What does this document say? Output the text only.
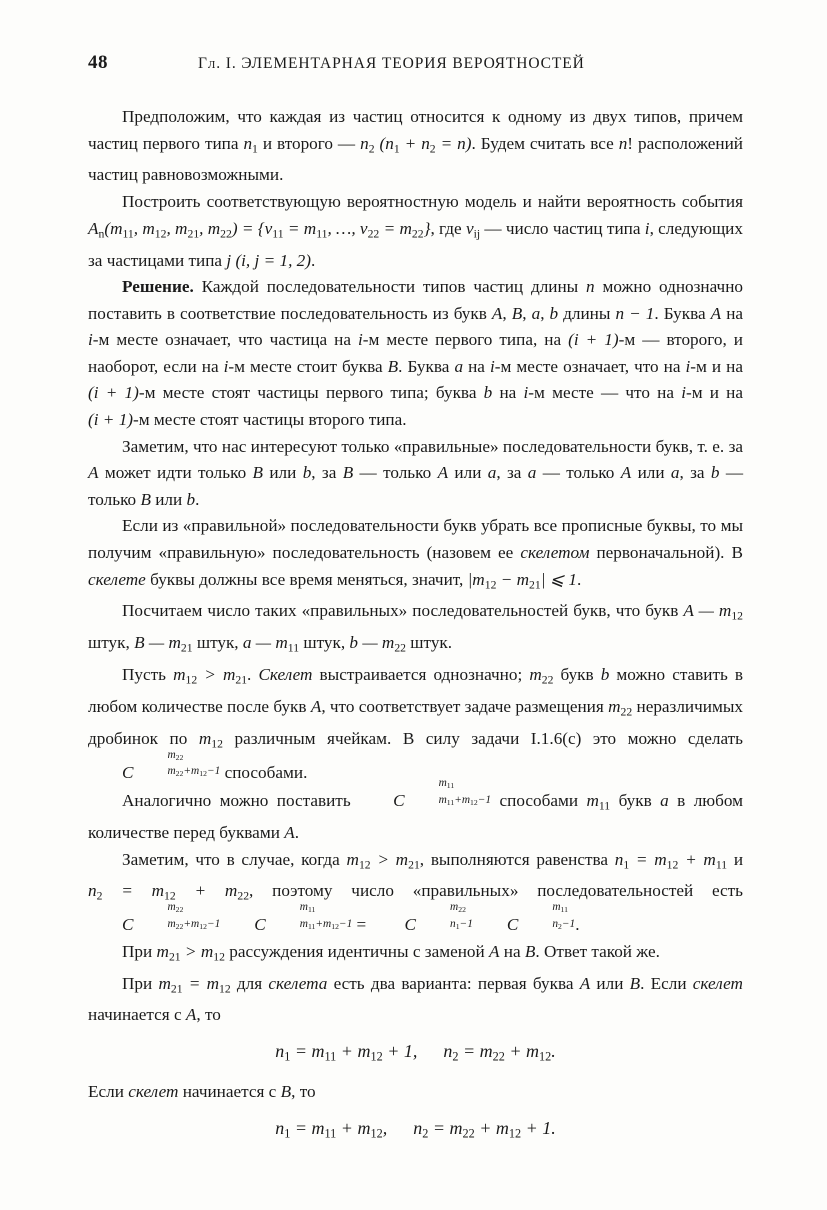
48	Гл. I. ЭЛЕМЕНТАРНАЯ ТЕОРИЯ ВЕРОЯТНОСТЕЙ

Предположим, что каждая из частиц относится к одному из двух типов, причем частиц первого типа $n_1$ и второго — $n_2$ $(n_1 + n_2 = n)$. Будем считать все n! расположений частиц равновозможными.

Построить соответствующую вероятностную модель и найти вероятность события $A_n(m_{11}$, $m_{12}$, $m_{21}$, $m_{22}) = \{\nu_{11} = m_{11}$, …, $\nu_{22} = m_{22}$}, где $\nu_{ij}$ — число частиц типа i, следующих за частицами типа j (i, j = 1, 2).

Решение. Каждой последовательности типов частиц длины n можно однозначно поставить в соответствие последовательность из букв A, B, a, b длины n − 1. Буква A на i-м месте означает, что частица на i-м месте первого типа, на (i + 1)-м — второго, и наоборот, если на i-м месте стоит буква B. Буква a на i-м месте означает, что на i-м и на (i + 1)-м месте стоят частицы первого типа; буква b на i-м месте — что на i-м и на (i + 1)-м месте стоят частицы второго типа.

Заметим, что нас интересуют только «правильные» последовательности букв, т. е. за A может идти только B или b, за B — только A или a, за a — только A или a, за b — только B или b.

Если из «правильной» последовательности букв убрать все прописные буквы, то мы получим «правильную» последовательность (назовем ее скелетом первоначальной). В скелете буквы должны все время меняться, значит, $|m_{12} - m_{21}|$ ⩽ 1.

Посчитаем число таких «правильных» последовательностей букв, что букв A — $m_{12}$ штук, B — $m_{21}$ штук, a — $m_{11}$ штук, b — $m_{22}$ штук.

Пусть $m_{12} > m_{21}$. Скелет выстраивается однозначно; $m_{22}$ букв b можно ставить в любом количестве после букв A, что соответствует задаче размещения $m_{22}$ неразличимых дробинок по $m_{12}$ различным ячейкам. В силу задачи I.1.6(с) это можно сделать C
$m_{22}$
$m_{22}+m_{12}-1$ способами.

Аналогично можно поставить C
$m_{11}$
$m_{11}+m_{12}-1$ способами $m_{11}$ букв a в любом количестве перед буквами A.

Заметим, что в случае, когда $m_{12} > m_{21}$, выполняются равенства $n_1 = m_{12} + m_{11}$ и $n_2 = m_{12} + m_{22}$, поэтому число «правильных» последовательностей есть C
$m_{22}$
$m_{22}+m_{12}-1$ C
$m_{11}$
$m_{11}+m_{12}-1 = C$
$m_{22}$
$n_1-1$ C
$m_{11}$
$n_2-1$ .

При $m_{21} > m_{12}$ рассуждения идентичны с заменой A на B. Ответ такой же.

При $m_{21} = m_{12}$ для скелета есть два варианта: первая буква A или B. Если скелет начинается с A, то

$n_1 = m_{11} + m_{12} + 1$, $n_2 = m_{22} + m_{12}$.

Если скелет начинается с B, то

$n_1 = m_{11} + m_{12}$, $n_2 = m_{22} + m_{12} + 1$.
